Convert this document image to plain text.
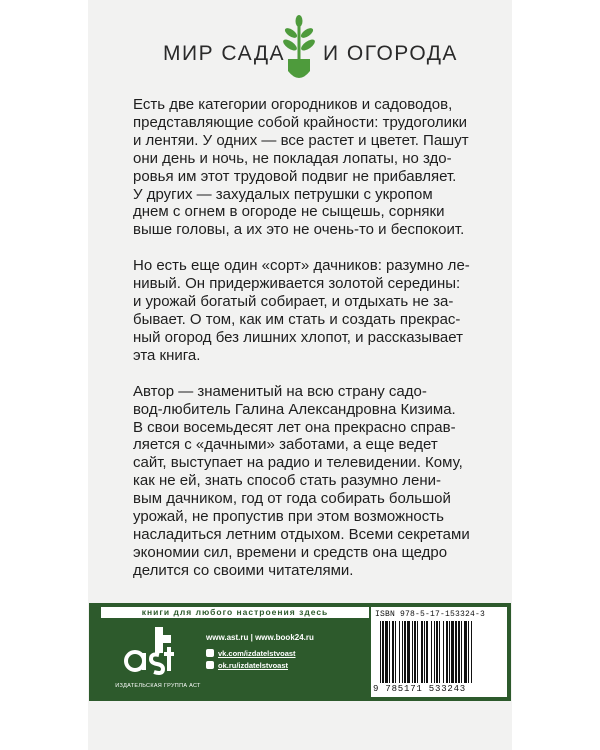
МИР САДА И ОГОРОДА

Есть две категории огородников и садоводов,
представляющие собой крайности: трудоголики
и лентяи. У одних — все растет и цветет. Пашут
они день и ночь, не покладая лопаты, но здо-
ровья им этот трудовой подвиг не прибавляет.
У других — захудалых петрушки с укропом
днем с огнем в огороде не сыщешь, сорняки
выше головы, а их это не очень-то и беспокоит.

Но есть еще один «сорт» дачников: разумно ле-
нивый. Он придерживается золотой середины:
и урожай богатый собирает, и отдыхать не за-
бывает. О том, как им стать и создать прекрас-
ный огород без лишних хлопот, и рассказывает
эта книга.

Автор — знаменитый на всю страну садо-
вод-любитель Галина Александровна Кизима.
В свои восемьдесят лет она прекрасно справ-
ляется с «дачными» заботами, а еще ведет
сайт, выступает на радио и телевидении. Кому,
как не ей, знать способ стать разумно лени-
вым дачником, год от года собирать большой
урожай, не пропустив при этом возможность
насладиться летним отдыхом. Всеми секретами
экономии сил, времени и средств она щедро
делится со своими читателями.

книги для любого настроения здесь
ИЗДАТЕЛЬСКАЯ ГРУППА АСТ
www.ast.ru | www.book24.ru
vk.com/izdatelstvoast
ok.ru/izdatelstvoast
ISBN 978-5-17-153324-3
9 785171 533243
